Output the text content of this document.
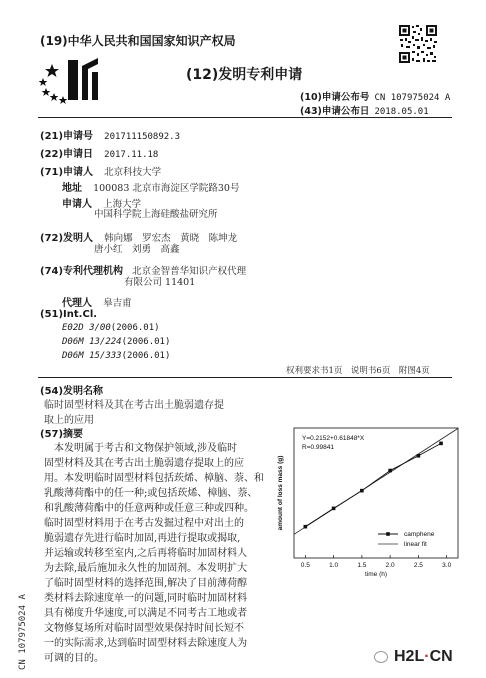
(19)中华人民共和国国家知识产权局
(12)发明专利申请
(10)申请公布号 CN 107975024 A
(43)申请公布日 2018.05.01
(21)申请号 201711150892.3
(22)申请日 2017.11.18
(71)申请人 北京科技大学
地址 100083 北京市海淀区学院路30号
申请人 上海大学
中国科学院上海硅酸盐研究所
(72)发明人 韩向娜　罗宏杰　黄晓　陈坤龙
唐小红　刘勇　高鑫
(74)专利代理机构 北京金智普华知识产权代理
有限公司 11401
代理人 皋吉甫
(51)Int.Cl.
E02D 3/00(2006.01)
D06M 13/224(2006.01)
D06M 15/333(2006.01)
权利要求书1页　说明书6页　附图4页
(54)发明名称
临时固型材料及其在考古出土脆弱遗存提
取上的应用
(57)摘要
　本发明属于考古和文物保护领域,涉及临时
固型材料及其在考古出土脆弱遗存提取上的应
用。本发明临时固型材料包括莰烯、樟脑、萘、和
乳酸薄荷酯中的任一种;或包括莰烯、樟脑、萘、
和乳酸薄荷酯中的任意两种或任意三种或四种。
临时固型材料用于在考古发掘过程中对出土的
脆弱遗存先进行临时加固,再进行提取或揭取,
并运输或转移至室内,之后再将临时加固材料人
为去除,最后施加永久性的加固剂。本发明扩大
了临时固型材料的选择范围,解决了目前薄荷醇
类材料去除速度单一的问题,同时临时加固材料
具有梯度升华速度,可以满足不同考古工地或者
文物修复场所对临时固型效果保持时间长短不
一的实际需求,达到临时固型材料去除速度人为
可调的目的。
0.5	1.0	1.5	2.0	2.5	3.0
Y=0.2152+0.61848*X
R=0.99841
time (h)
amount of loss mass (g)
camphene
linear fit
CN 107975024 A	H2L·CN
